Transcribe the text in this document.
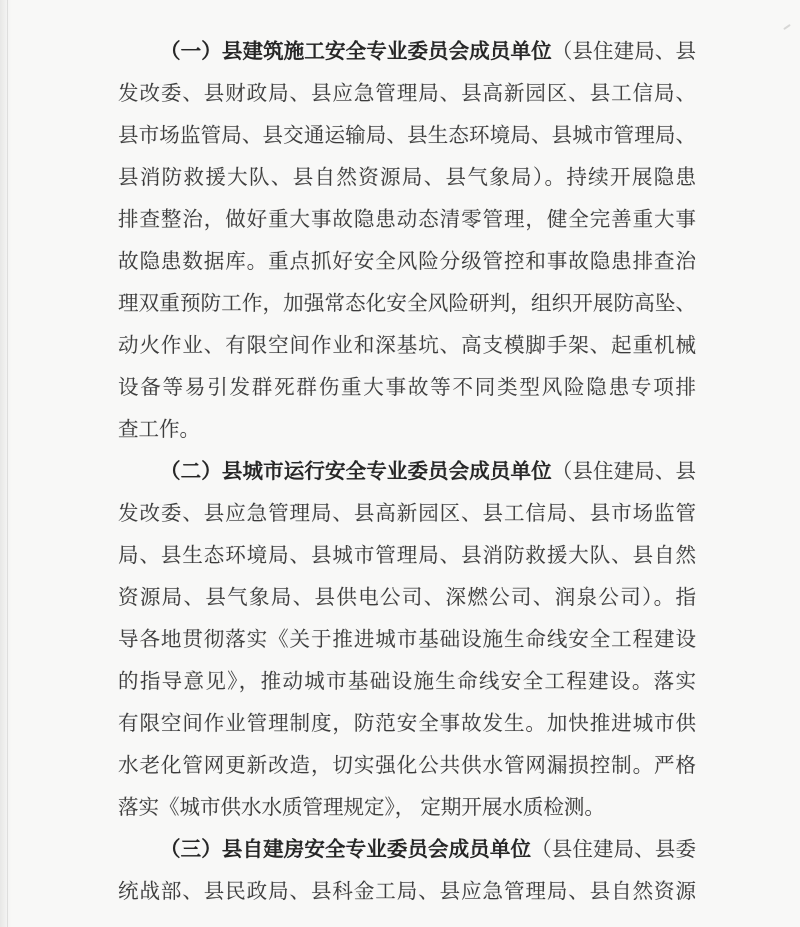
（一）县建筑施工安全专业委员会成员单位（县住建局、县
发改委、县财政局、县应急管理局、县高新园区、县工信局、
县市场监管局、县交通运输局、县生态环境局、县城市管理局、
县消防救援大队、县自然资源局、县气象局）。持续开展隐患
排查整治，做好重大事故隐患动态清零管理，健全完善重大事
故隐患数据库。重点抓好安全风险分级管控和事故隐患排查治
理双重预防工作，加强常态化安全风险研判，组织开展防高坠、
动火作业、有限空间作业和深基坑、高支模脚手架、起重机械
设备等易引发群死群伤重大事故等不同类型风险隐患专项排
查工作。
（二）县城市运行安全专业委员会成员单位（县住建局、县
发改委、县应急管理局、县高新园区、县工信局、县市场监管
局、县生态环境局、县城市管理局、县消防救援大队、县自然
资源局、县气象局、县供电公司、深燃公司、润泉公司）。指
导各地贯彻落实《关于推进城市基础设施生命线安全工程建设
的指导意见》，推动城市基础设施生命线安全工程建设。落实
有限空间作业管理制度，防范安全事故发生。加快推进城市供
水老化管网更新改造，切实强化公共供水管网漏损控制。严格
落实《城市供水水质管理规定》， 定期开展水质检测。
（三）县自建房安全专业委员会成员单位（县住建局、县委
统战部、县民政局、县科金工局、县应急管理局、县自然资源
